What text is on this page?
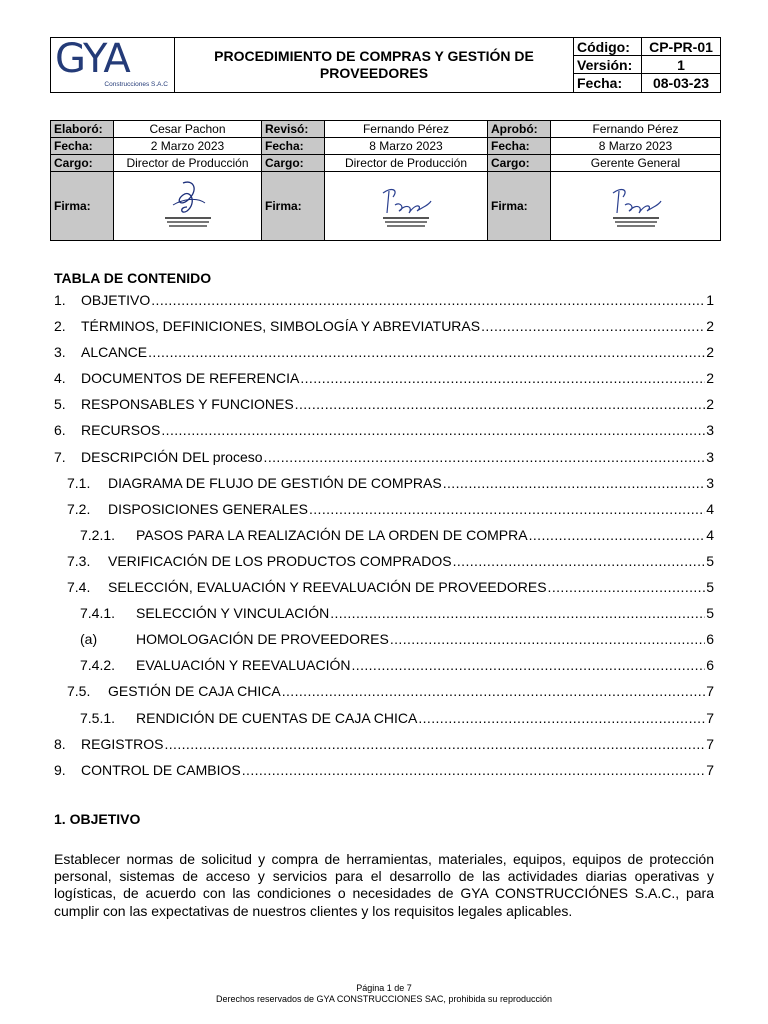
GYA
Construcciones S.A.C
PROCEDIMIENTO DE COMPRAS Y GESTIÓN DE PROVEEDORES
Código:	CP-PR-01
Versión:	1
Fecha:	08-03-23
Elaboró:	Cesar Pachon	Revisó:	Fernando Pérez	Aprobó:	Fernando Pérez
Fecha:	2 Marzo 2023	Fecha:	8 Marzo 2023	Fecha:	8 Marzo 2023
Cargo:	Director de Producción	Cargo:	Director de Producción	Cargo:	Gerente General
Firma:		Firma:		Firma:	
TABLA DE CONTENIDO
1.	OBJETIVO .....	1
2.	TÉRMINOS, DEFINICIONES, SIMBOLOGÍA Y ABREVIATURAS .....	2
3.	ALCANCE .....	2
4.	DOCUMENTOS DE REFERENCIA .....	2
5.	RESPONSABLES Y FUNCIONES .....	2
6.	RECURSOS .....	3
7.	DESCRIPCIÓN DEL proceso .....	3
7.1.	DIAGRAMA DE FLUJO DE GESTIÓN DE COMPRAS .....	3
7.2.	DISPOSICIONES GENERALES .....	4
7.2.1.	PASOS PARA LA REALIZACIÓN DE LA ORDEN DE COMPRA .....	4
7.3.	VERIFICACIÓN DE LOS PRODUCTOS COMPRADOS .....	5
7.4.	SELECCIÓN, EVALUACIÓN Y REEVALUACIÓN DE PROVEEDORES .....	5
7.4.1.	SELECCIÓN Y VINCULACIÓN .....	5
(a)	HOMOLOGACIÓN DE PROVEEDORES .....	6
7.4.2.	EVALUACIÓN Y REEVALUACIÓN .....	6
7.5.	GESTIÓN DE CAJA CHICA .....	7
7.5.1.	RENDICIÓN DE CUENTAS DE CAJA CHICA .....	7
8.	REGISTROS .....	7
9.	CONTROL DE CAMBIOS .....	7
1. OBJETIVO
Establecer normas de solicitud y compra de herramientas, materiales, equipos, equipos de protección personal, sistemas de acceso y servicios para el desarrollo de las actividades diarias operativas y logísticas, de acuerdo con las condiciones o necesidades de GYA CONSTRUCCIÓNES S.A.C., para cumplir con las expectativas de nuestros clientes y los requisitos legales aplicables.
Página 1 de 7
Derechos reservados de GYA CONSTRUCCIONES SAC, prohibida su reproducción
